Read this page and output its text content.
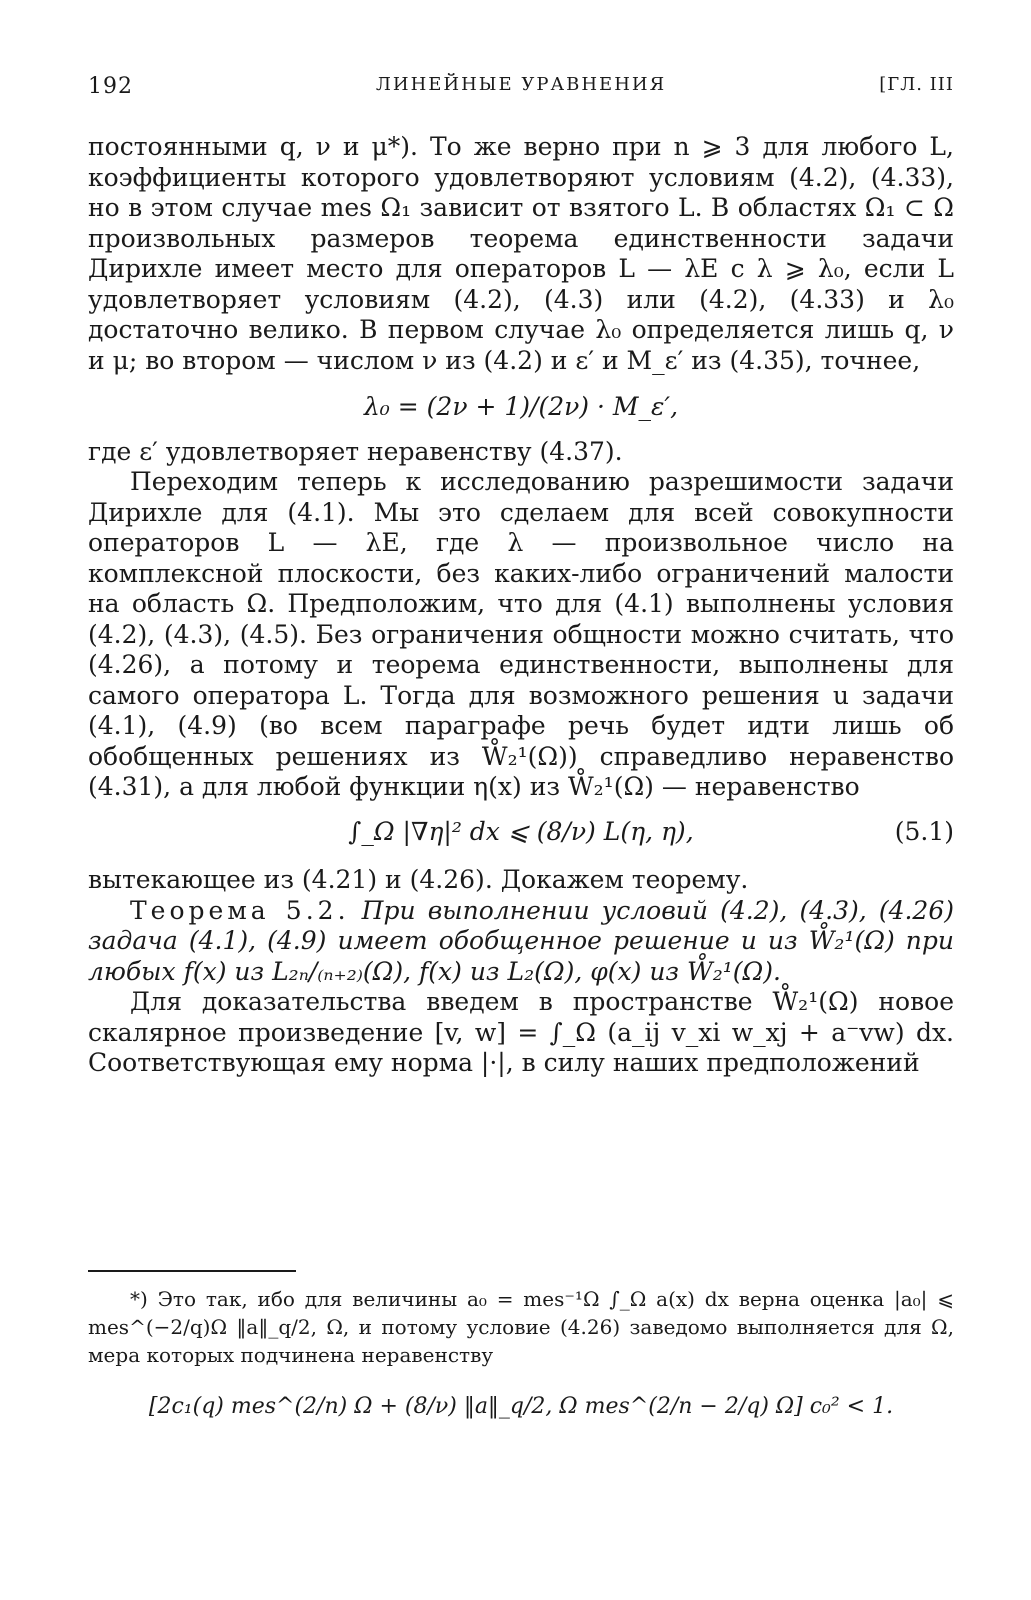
192	ЛИНЕЙНЫЕ УРАВНЕНИЯ	[ГЛ. III

постоянными q, ν и μ*). То же верно при n ⩾ 3 для любого L, коэффициенты которого удовлетворяют условиям (4.2), (4.33), но в этом случае mes Ω₁ зависит от взятого L. В областях Ω₁ ⊂ Ω произвольных размеров теорема единственности задачи Дирихле имеет место для операторов L — λE с λ ⩾ λ₀, если L удовлетворяет условиям (4.2), (4.3) или (4.2), (4.33) и λ₀ достаточно велико. В первом случае λ₀ определяется лишь q, ν и μ; во втором — числом ν из (4.2) и ε′ и M_ε′ из (4.35), точнее,

λ₀ = (2ν + 1)/(2ν) · M_ε′,

где ε′ удовлетворяет неравенству (4.37).

Переходим теперь к исследованию разрешимости задачи Дирихле для (4.1). Мы это сделаем для всей совокупности операторов L — λE, где λ — произвольное число на комплексной плоскости, без каких-либо ограничений малости на область Ω. Предположим, что для (4.1) выполнены условия (4.2), (4.3), (4.5). Без ограничения общности можно считать, что (4.26), а потому и теорема единственности, выполнены для самого оператора L. Тогда для возможного решения u задачи (4.1), (4.9) (во всем параграфе речь будет идти лишь об обобщенных решениях из W̊₂¹(Ω)) справедливо неравенство (4.31), а для любой функции η(x) из W̊₂¹(Ω) — неравенство

∫_Ω |∇η|² dx ⩽ (8/ν) L(η, η),	(5.1)

вытекающее из (4.21) и (4.26). Докажем теорему.

Теорема 5.2. При выполнении условий (4.2), (4.3), (4.26) задача (4.1), (4.9) имеет обобщенное решение u из W̊₂¹(Ω) при любых f(x) из L₂ₙ/₍ₙ₊₂₎(Ω), f(x) из L₂(Ω), φ(x) из W̊₂¹(Ω).

Для доказательства введем в пространстве W̊₂¹(Ω) новое скалярное произведение [v, w] = ∫_Ω (a_ij v_xi w_xj + a⁻vw) dx. Соответствующая ему норма |·|, в силу наших предположений

*) Это так, ибо для величины a₀ = mes⁻¹Ω ∫_Ω a(x) dx верна оценка |a₀| ⩽ mes^(−2/q)Ω ‖a‖_q/2, Ω, и потому условие (4.26) заведомо выполняется для Ω, мера которых подчинена неравенству

[2c₁(q) mes^(2/n) Ω + (8/ν) ‖a‖_q/2, Ω mes^(2/n − 2/q) Ω] c₀² < 1.
